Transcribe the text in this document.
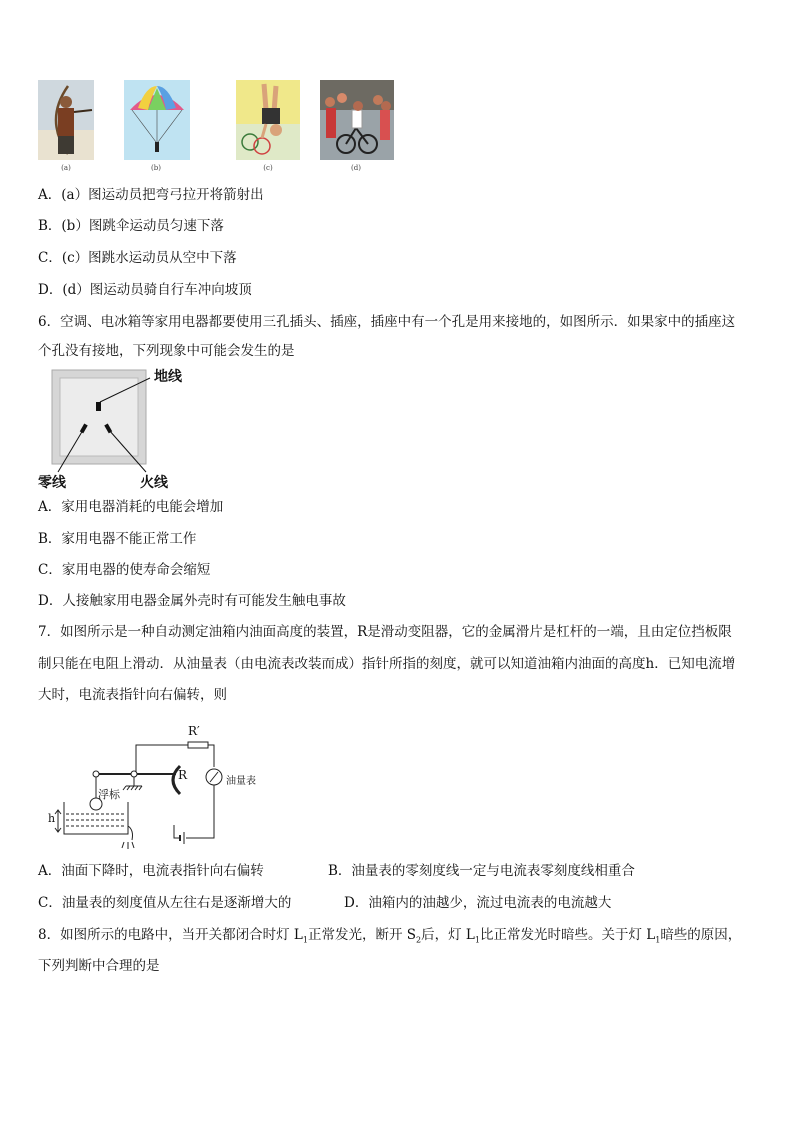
(a)	(b)	(c)	(d)
A．(a）图运动员把弯弓拉开将箭射出
B．(b）图跳伞运动员匀速下落
C．(c）图跳水运动员从空中下落
D．(d）图运动员骑自行车冲向坡顶
6．空调、电冰箱等家用电器都要使用三孔插头、插座，插座中有一个孔是用来接地的，如图所示．如果家中的插座这
个孔没有接地，下列现象中可能会发生的是
地线
零线	火线
A．家用电器消耗的电能会增加
B．家用电器不能正常工作
C．家用电器的使寿命会缩短
D．人接触家用电器金属外壳时有可能发生触电事故
7．如图所示是一种自动测定油箱内油面高度的装置，R是滑动变阻器，它的金属滑片是杠杆的一端，且由定位挡板限
制只能在电阻上滑动．从油量表（由电流表改装而成）指针所指的刻度，就可以知道油箱内油面的高度h．已知电流增
大时，电流表指针向右偏转，则
R′
R	油量表
浮标
h
A．油面下降时，电流表指针向右偏转	B．油量表的零刻度线一定与电流表零刻度线相重合
C．油量表的刻度值从左往右是逐渐增大的	D．油箱内的油越少，流过电流表的电流越大
8．如图所示的电路中，当开关都闭合时灯 $L_1$正常发光，断开 $S_2$后，灯 $L_1$比正常发光时暗些。关于灯 $L_1$暗些的原因，
下列判断中合理的是
